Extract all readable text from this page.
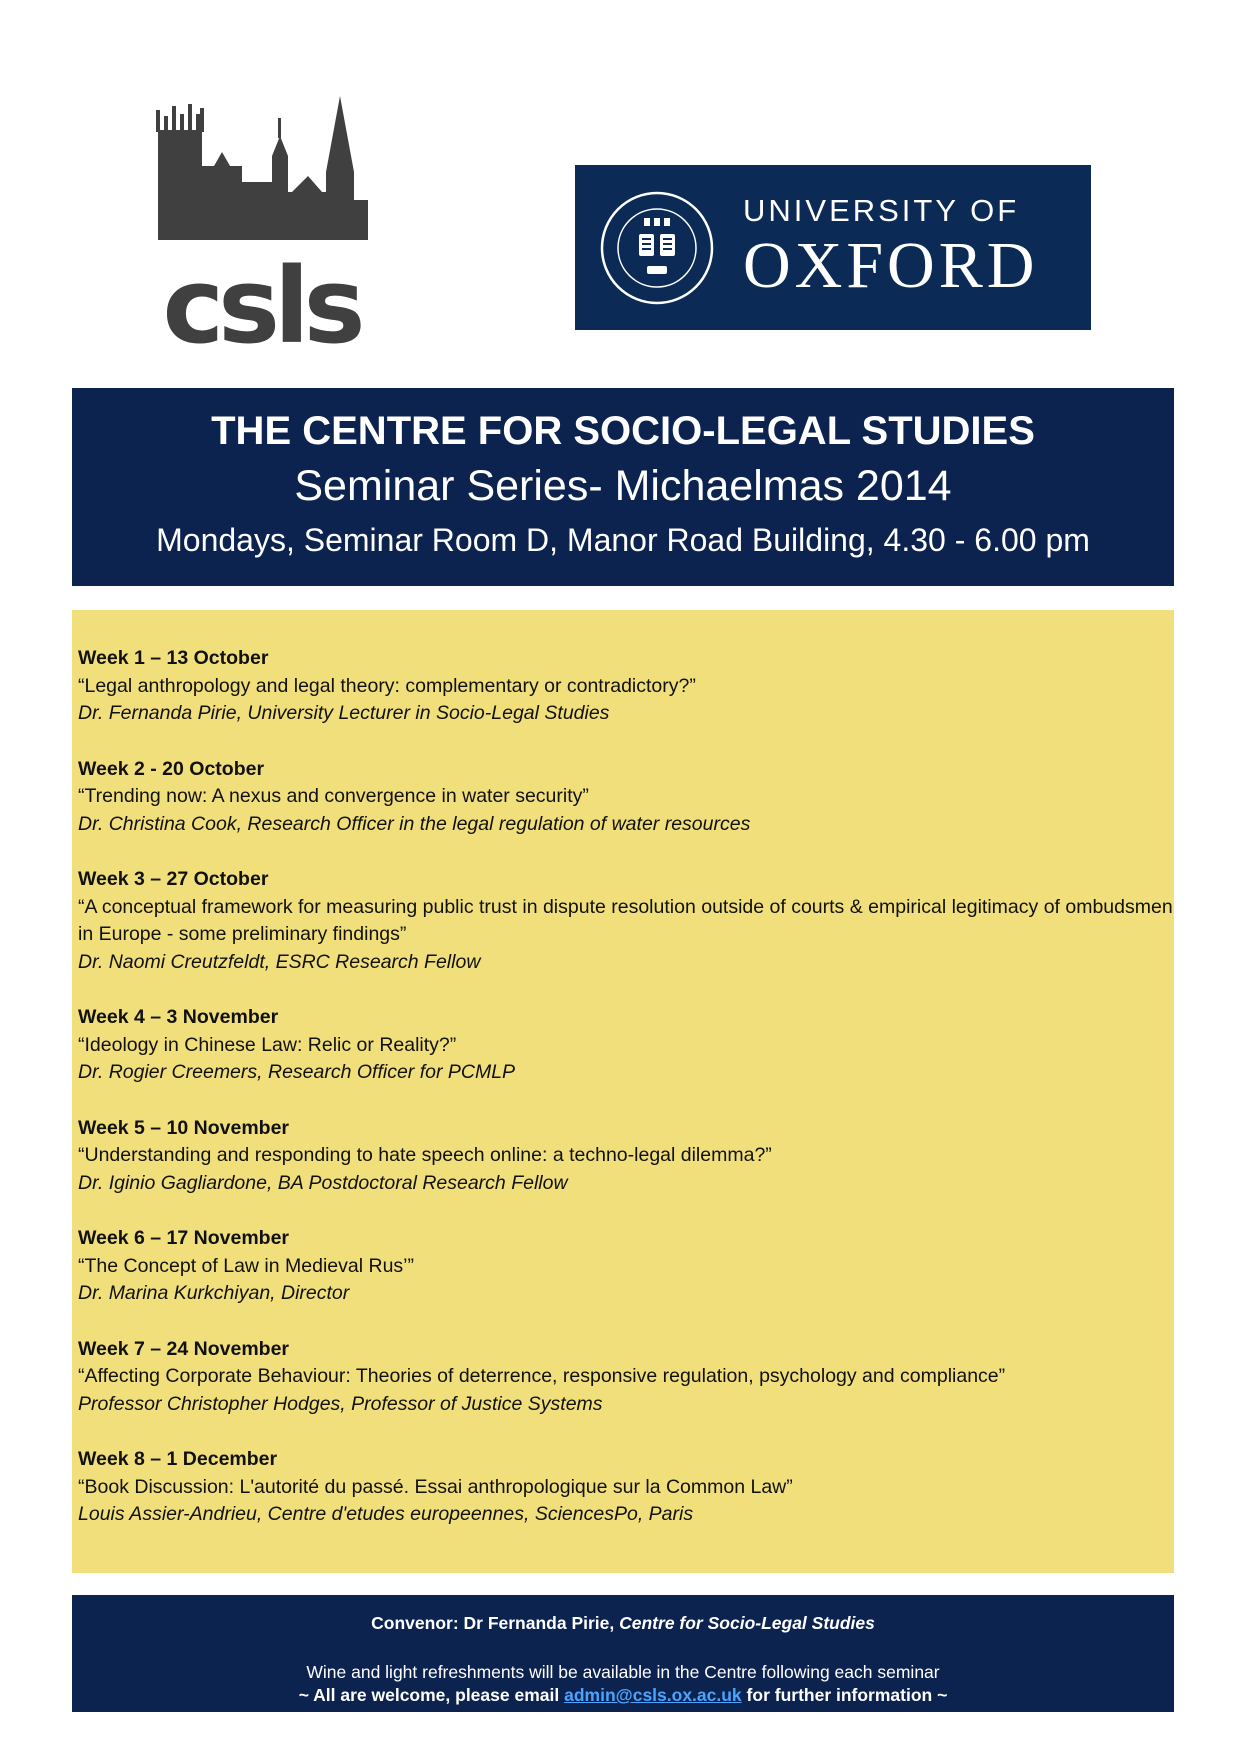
csls
UNIVERSITY OF
OXFORD
THE CENTRE FOR SOCIO-LEGAL STUDIES
Seminar Series- Michaelmas 2014
Mondays, Seminar Room D, Manor Road Building, 4.30 - 6.00 pm
Week 1 – 13 October
“Legal anthropology and legal theory: complementary or contradictory?”
Dr. Fernanda Pirie, University Lecturer in Socio-Legal Studies
Week 2 - 20 October
“Trending now: A nexus and convergence in water security”
Dr. Christina Cook, Research Officer in the legal regulation of water resources
Week 3 – 27 October
“A conceptual framework for measuring public trust in dispute resolution outside of courts & empirical legitimacy of ombudsmen in Europe - some preliminary findings”
Dr. Naomi Creutzfeldt, ESRC Research Fellow
Week 4 – 3 November
“Ideology in Chinese Law: Relic or Reality?”
Dr. Rogier Creemers, Research Officer for PCMLP
Week 5 – 10 November
“Understanding and responding to hate speech online: a techno-legal dilemma?”
Dr. Iginio Gagliardone, BA Postdoctoral Research Fellow
Week 6 – 17 November
“The Concept of Law in Medieval Rus’”
Dr. Marina Kurkchiyan, Director
Week 7 – 24 November
“Affecting Corporate Behaviour: Theories of deterrence, responsive regulation, psychology and compliance”
Professor Christopher Hodges, Professor of Justice Systems
Week 8 – 1 December
“Book Discussion: L'autorité du passé. Essai anthropologique sur la Common Law”
Louis Assier-Andrieu, Centre d'etudes europeennes, SciencesPo, Paris
Convenor: Dr Fernanda Pirie, Centre for Socio-Legal Studies
Wine and light refreshments will be available in the Centre following each seminar
~ All are welcome, please email admin@csls.ox.ac.uk for further information ~
